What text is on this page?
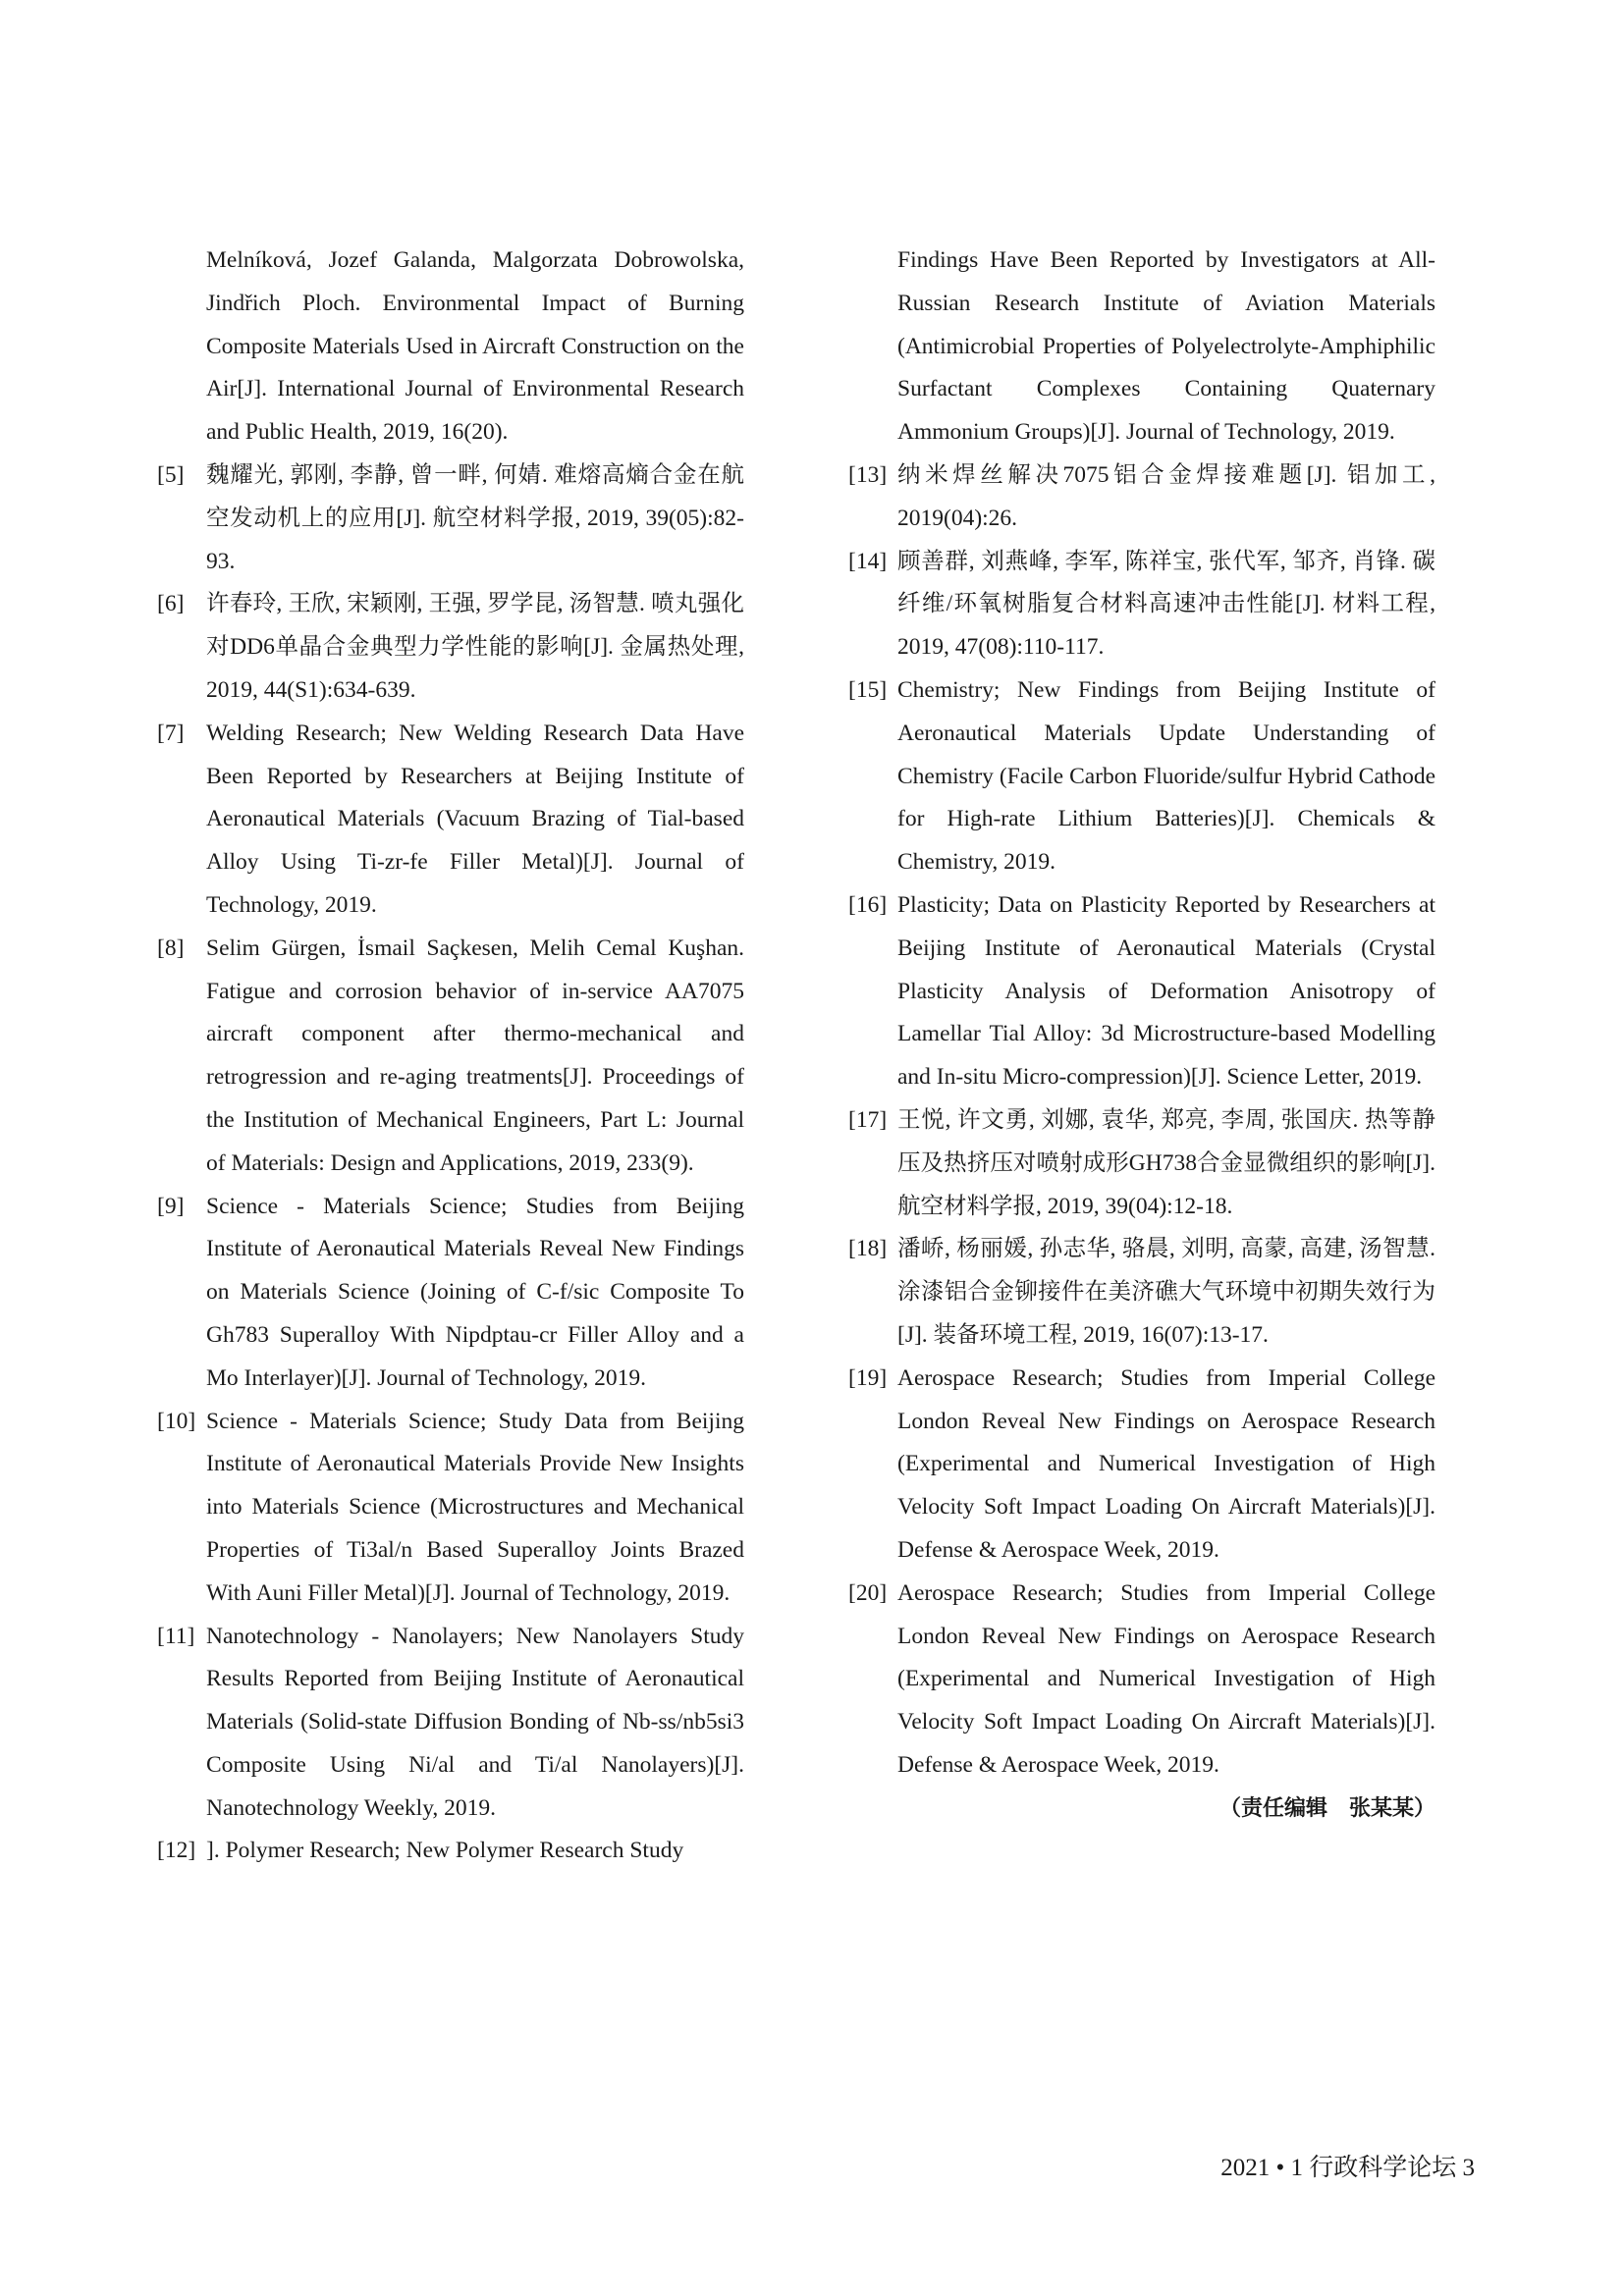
Melníková, Jozef Galanda, Malgorzata Dobrowolska, Jindřich Ploch. Environmental Impact of Burning Composite Materials Used in Aircraft Construction on the Air[J]. International Journal of Environmental Research and Public Health, 2019, 16(20).
[5] 魏耀光, 郭刚, 李静, 曾一畔, 何婧. 难熔高熵合金在航空发动机上的应用[J]. 航空材料学报, 2019, 39(05):82-93.
[6] 许春玲, 王欣, 宋颖刚, 王强, 罗学昆, 汤智慧. 喷丸强化对DD6单晶合金典型力学性能的影响[J]. 金属热处理, 2019, 44(S1):634-639.
[7] Welding Research; New Welding Research Data Have Been Reported by Researchers at Beijing Institute of Aeronautical Materials (Vacuum Brazing of Tial-based Alloy Using Ti-zr-fe Filler Metal)[J]. Journal of Technology, 2019.
[8] Selim Gürgen, İsmail Saçkesen, Melih Cemal Kuşhan. Fatigue and corrosion behavior of in-service AA7075 aircraft component after thermo-mechanical and retrogression and re-aging treatments[J]. Proceedings of the Institution of Mechanical Engineers, Part L: Journal of Materials: Design and Applications, 2019, 233(9).
[9] Science - Materials Science; Studies from Beijing Institute of Aeronautical Materials Reveal New Findings on Materials Science (Joining of C-f/sic Composite To Gh783 Superalloy With Nipdptau-cr Filler Alloy and a Mo Interlayer)[J]. Journal of Technology, 2019.
[10] Science - Materials Science; Study Data from Beijing Institute of Aeronautical Materials Provide New Insights into Materials Science (Microstructures and Mechanical Properties of Ti3al/n Based Superalloy Joints Brazed With Auni Filler Metal)[J]. Journal of Technology, 2019.
[11] Nanotechnology - Nanolayers; New Nanolayers Study Results Reported from Beijing Institute of Aeronautical Materials (Solid-state Diffusion Bonding of Nb-ss/nb5si3 Composite Using Ni/al and Ti/al Nanolayers)[J]. Nanotechnology Weekly, 2019.
[12] ]. Polymer Research; New Polymer Research Study
Findings Have Been Reported by Investigators at All-Russian Research Institute of Aviation Materials (Antimicrobial Properties of Polyelectrolyte-Amphiphilic Surfactant Complexes Containing Quaternary Ammonium Groups)[J]. Journal of Technology, 2019.
[13] 纳米焊丝解决7075铝合金焊接难题[J]. 铝加工, 2019(04):26.
[14] 顾善群, 刘燕峰, 李军, 陈祥宝, 张代军, 邹齐, 肖锋. 碳纤维/环氧树脂复合材料高速冲击性能[J]. 材料工程, 2019, 47(08):110-117.
[15] Chemistry; New Findings from Beijing Institute of Aeronautical Materials Update Understanding of Chemistry (Facile Carbon Fluoride/sulfur Hybrid Cathode for High-rate Lithium Batteries)[J]. Chemicals & Chemistry, 2019.
[16] Plasticity; Data on Plasticity Reported by Researchers at Beijing Institute of Aeronautical Materials (Crystal Plasticity Analysis of Deformation Anisotropy of Lamellar Tial Alloy: 3d Microstructure-based Modelling and In-situ Micro-compression)[J]. Science Letter, 2019.
[17] 王悦, 许文勇, 刘娜, 袁华, 郑亮, 李周, 张国庆. 热等静压及热挤压对喷射成形GH738合金显微组织的影响[J]. 航空材料学报, 2019, 39(04):12-18.
[18] 潘峤, 杨丽媛, 孙志华, 骆晨, 刘明, 高蒙, 高建, 汤智慧. 涂漆铝合金铆接件在美济礁大气环境中初期失效行为[J]. 装备环境工程, 2019, 16(07):13-17.
[19] Aerospace Research; Studies from Imperial College London Reveal New Findings on Aerospace Research (Experimental and Numerical Investigation of High Velocity Soft Impact Loading On Aircraft Materials)[J]. Defense & Aerospace Week, 2019.
[20] Aerospace Research; Studies from Imperial College London Reveal New Findings on Aerospace Research (Experimental and Numerical Investigation of High Velocity Soft Impact Loading On Aircraft Materials)[J]. Defense & Aerospace Week, 2019.
（责任编辑　张某某）
2021 • 1 行政科学论坛 3
